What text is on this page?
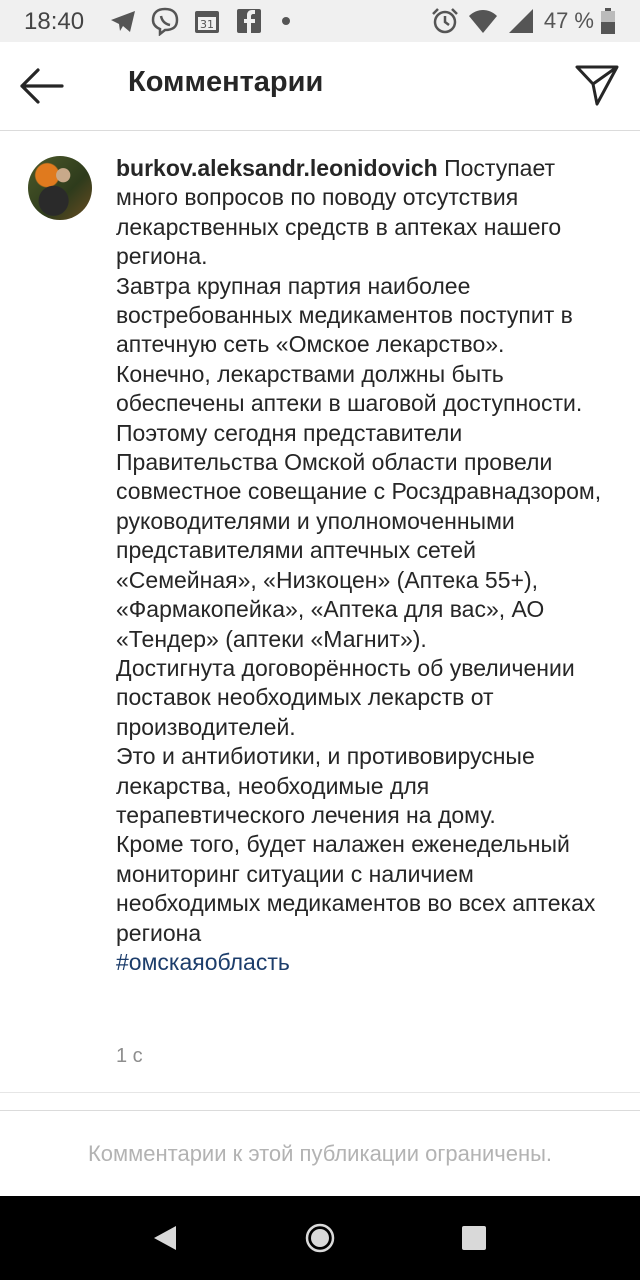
18:40	31	47 %
Комментарии
burkov.aleksandr.leonidovich Поступает много вопросов по поводу отсутствия лекарственных средств в аптеках нашего региона.
Завтра крупная партия наиболее востребованных медикаментов поступит в аптечную сеть «Омское лекарство».
Конечно, лекарствами должны быть обеспечены аптеки в шаговой доступности. Поэтому сегодня представители Правительства Омской области провели совместное совещание с Росздравнадзором, руководителями и уполномоченными представителями аптечных сетей «Семейная», «Низкоцен» (Аптека 55+), «Фармакопейка», «Аптека для вас», АО «Тендер» (аптеки «Магнит»).
Достигнута договорённость об увеличении поставок необходимых лекарств от производителей.
Это и антибиотики, и противовирусные лекарства, необходимые для терапевтического лечения на дому.
Кроме того, будет налажен еженедельный мониторинг ситуации с наличием необходимых медикаментов во всех аптеках региона
#омскаяобласть
1 с
Комментарии к этой публикации ограничены.
